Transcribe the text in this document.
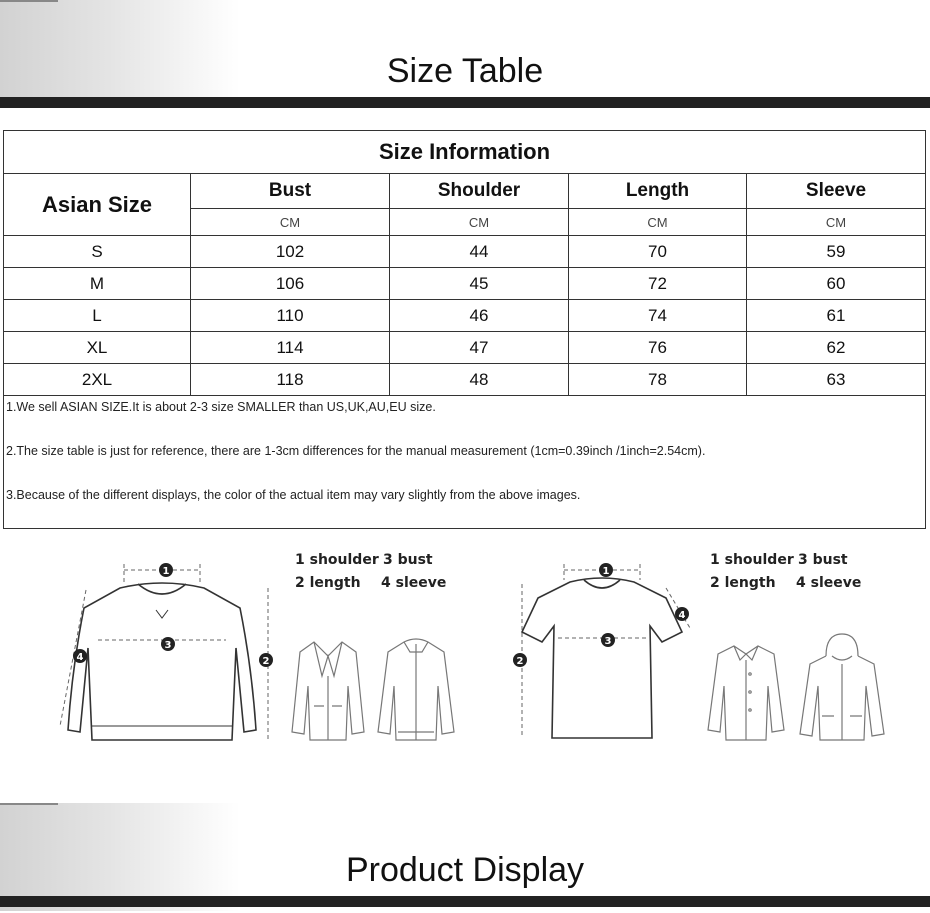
Size Table
Size Information				
Asian Size	Bust	Shoulder	Length	Sleeve
	CM	CM	CM	CM
S	102	44	70	59
M	106	45	72	60
L	110	46	74	61
XL	114	47	76	62
2XL	118	48	78	63

1.We sell ASIAN SIZE.It is about 2-3 size SMALLER than US,UK,AU,EU size.
2.The size table is just for reference, there are 1-3cm differences for the manual measurement (1cm=0.39inch /1inch=2.54cm).
3.Because of the different displays, the color of the actual item may vary slightly from the above images.				
1
3
2
4
1 shoulder 3 bust
2 length 4 sleeve
1
3
2
4
1 shoulder 3 bust
2 length 4 sleeve
Product Display
